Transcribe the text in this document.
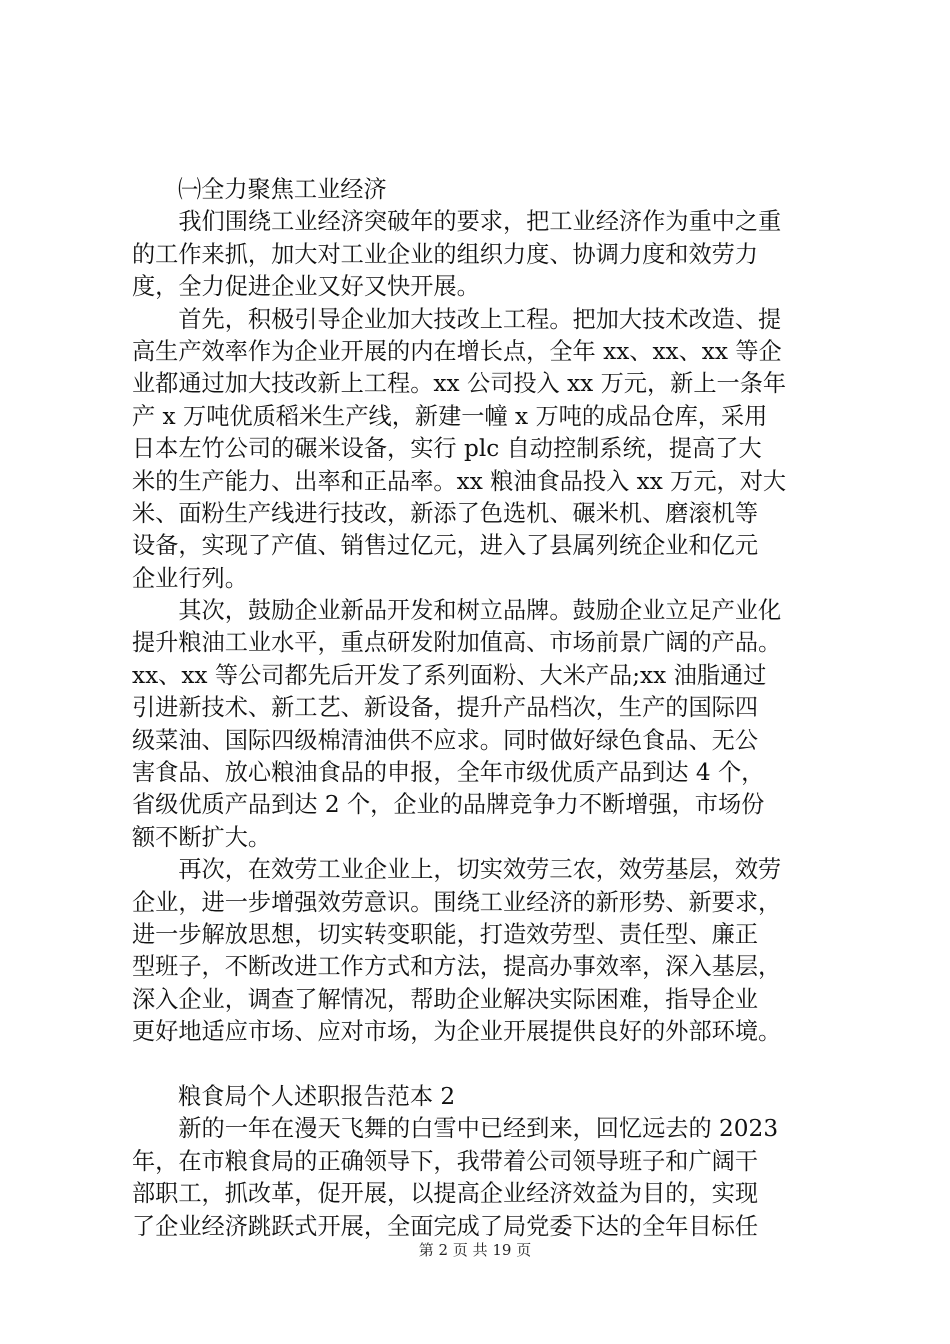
㈠全力聚焦工业经济
　　我们围绕工业经济突破年的要求，把工业经济作为重中之重
的工作来抓，加大对工业企业的组织力度、协调力度和效劳力
度，全力促进企业又好又快开展。
　　首先，积极引导企业加大技改上工程。把加大技术改造、提
高生产效率作为企业开展的内在增长点，全年 xx、xx、xx 等企
业都通过加大技改新上工程。xx 公司投入 xx 万元，新上一条年
产 x 万吨优质稻米生产线，新建一幢 x 万吨的成品仓库，采用
日本左竹公司的碾米设备，实行 plc 自动控制系统，提高了大
米的生产能力、出率和正品率。xx 粮油食品投入 xx 万元，对大
米、面粉生产线进行技改，新添了色选机、碾米机、磨滚机等
设备，实现了产值、销售过亿元，进入了县属列统企业和亿元
企业行列。
　　其次，鼓励企业新品开发和树立品牌。鼓励企业立足产业化
提升粮油工业水平，重点研发附加值高、市场前景广阔的产品。
xx、xx 等公司都先后开发了系列面粉、大米产品;xx 油脂通过
引进新技术、新工艺、新设备，提升产品档次，生产的国际四
级菜油、国际四级棉清油供不应求。同时做好绿色食品、无公
害食品、放心粮油食品的申报，全年市级优质产品到达 4 个，
省级优质产品到达 2 个，企业的品牌竞争力不断增强，市场份
额不断扩大。
　　再次，在效劳工业企业上，切实效劳三农，效劳基层，效劳
企业，进一步增强效劳意识。围绕工业经济的新形势、新要求，
进一步解放思想，切实转变职能，打造效劳型、责任型、廉正
型班子，不断改进工作方式和方法，提高办事效率，深入基层，
深入企业，调查了解情况，帮助企业解决实际困难，指导企业
更好地适应市场、应对市场，为企业开展提供良好的外部环境。
粮食局个人述职报告范本 2
　　新的一年在漫天飞舞的白雪中已经到来，回忆远去的 2023
年，在市粮食局的正确领导下，我带着公司领导班子和广阔干
部职工，抓改革，促开展，以提高企业经济效益为目的，实现
了企业经济跳跃式开展，全面完成了局党委下达的全年目标任
第 2 页 共 19 页
